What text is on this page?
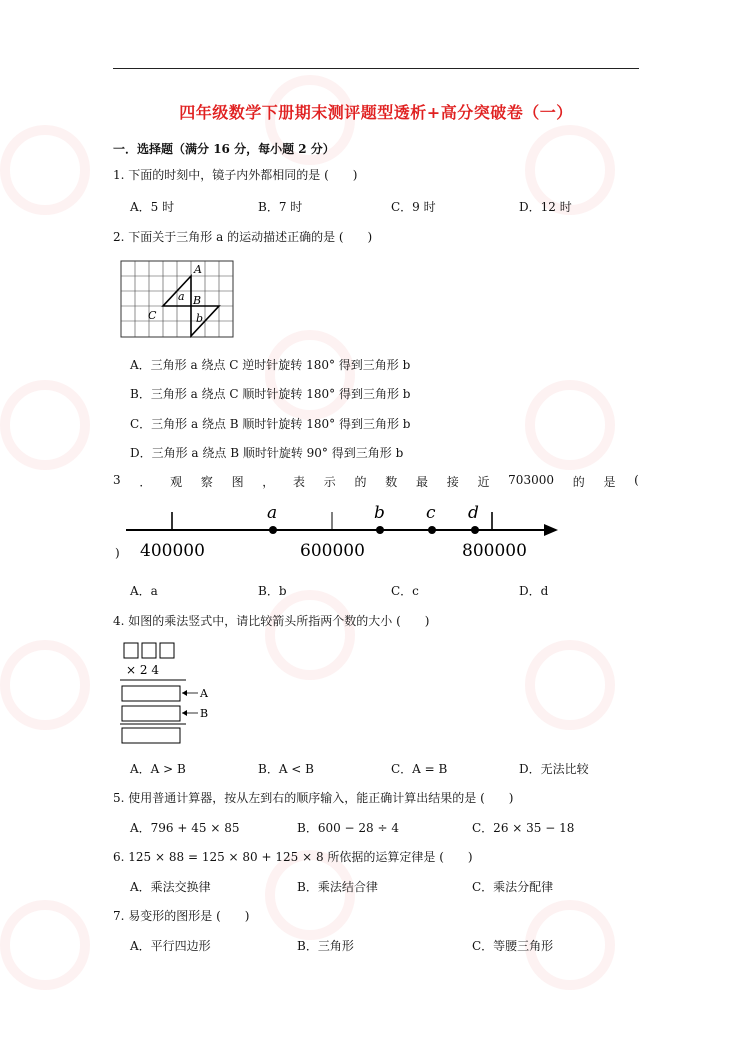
四年级数学下册期末测评题型透析+高分突破卷（一）
一．选择题（满分 16 分，每小题 2 分）
1. 下面的时刻中，镜子内外都相同的是 (　　)
A．5 时	B．7 时	C．9 时	D．12 时
2. 下面关于三角形 a 的运动描述正确的是 (　　)
A
a B
C	b
A．三角形 a 绕点 C 逆时针旋转 180° 得到三角形 b
B．三角形 a 绕点 C 顺时针旋转 180° 得到三角形 b
C．三角形 a 绕点 B 顺时针旋转 180° 得到三角形 b
D．三角形 a 绕点 B 顺时针旋转 90° 得到三角形 b
3 ． 观 察 图 ， 表 示 的 数 最 接 近 703000 的 是 (
a	b c d
400000	600000	800000
)
A．a	B．b	C．c	D．d
4. 如图的乘法竖式中，请比较箭头所指两个数的大小 (　　)
× 2 4
A
B
A．A > B	B．A < B	C．A = B	D．无法比较
5. 使用普通计算器，按从左到右的顺序输入，能正确计算出结果的是 (　　)
A．796 + 45 × 85	B．600 − 28 ÷ 4	C．26 × 35 − 18
6. 125 × 88 = 125 × 80 + 125 × 8 所依据的运算定律是 (　　)
A．乘法交换律	B．乘法结合律	C．乘法分配律
7. 易变形的图形是 (　　)
A．平行四边形	B．三角形	C．等腰三角形
